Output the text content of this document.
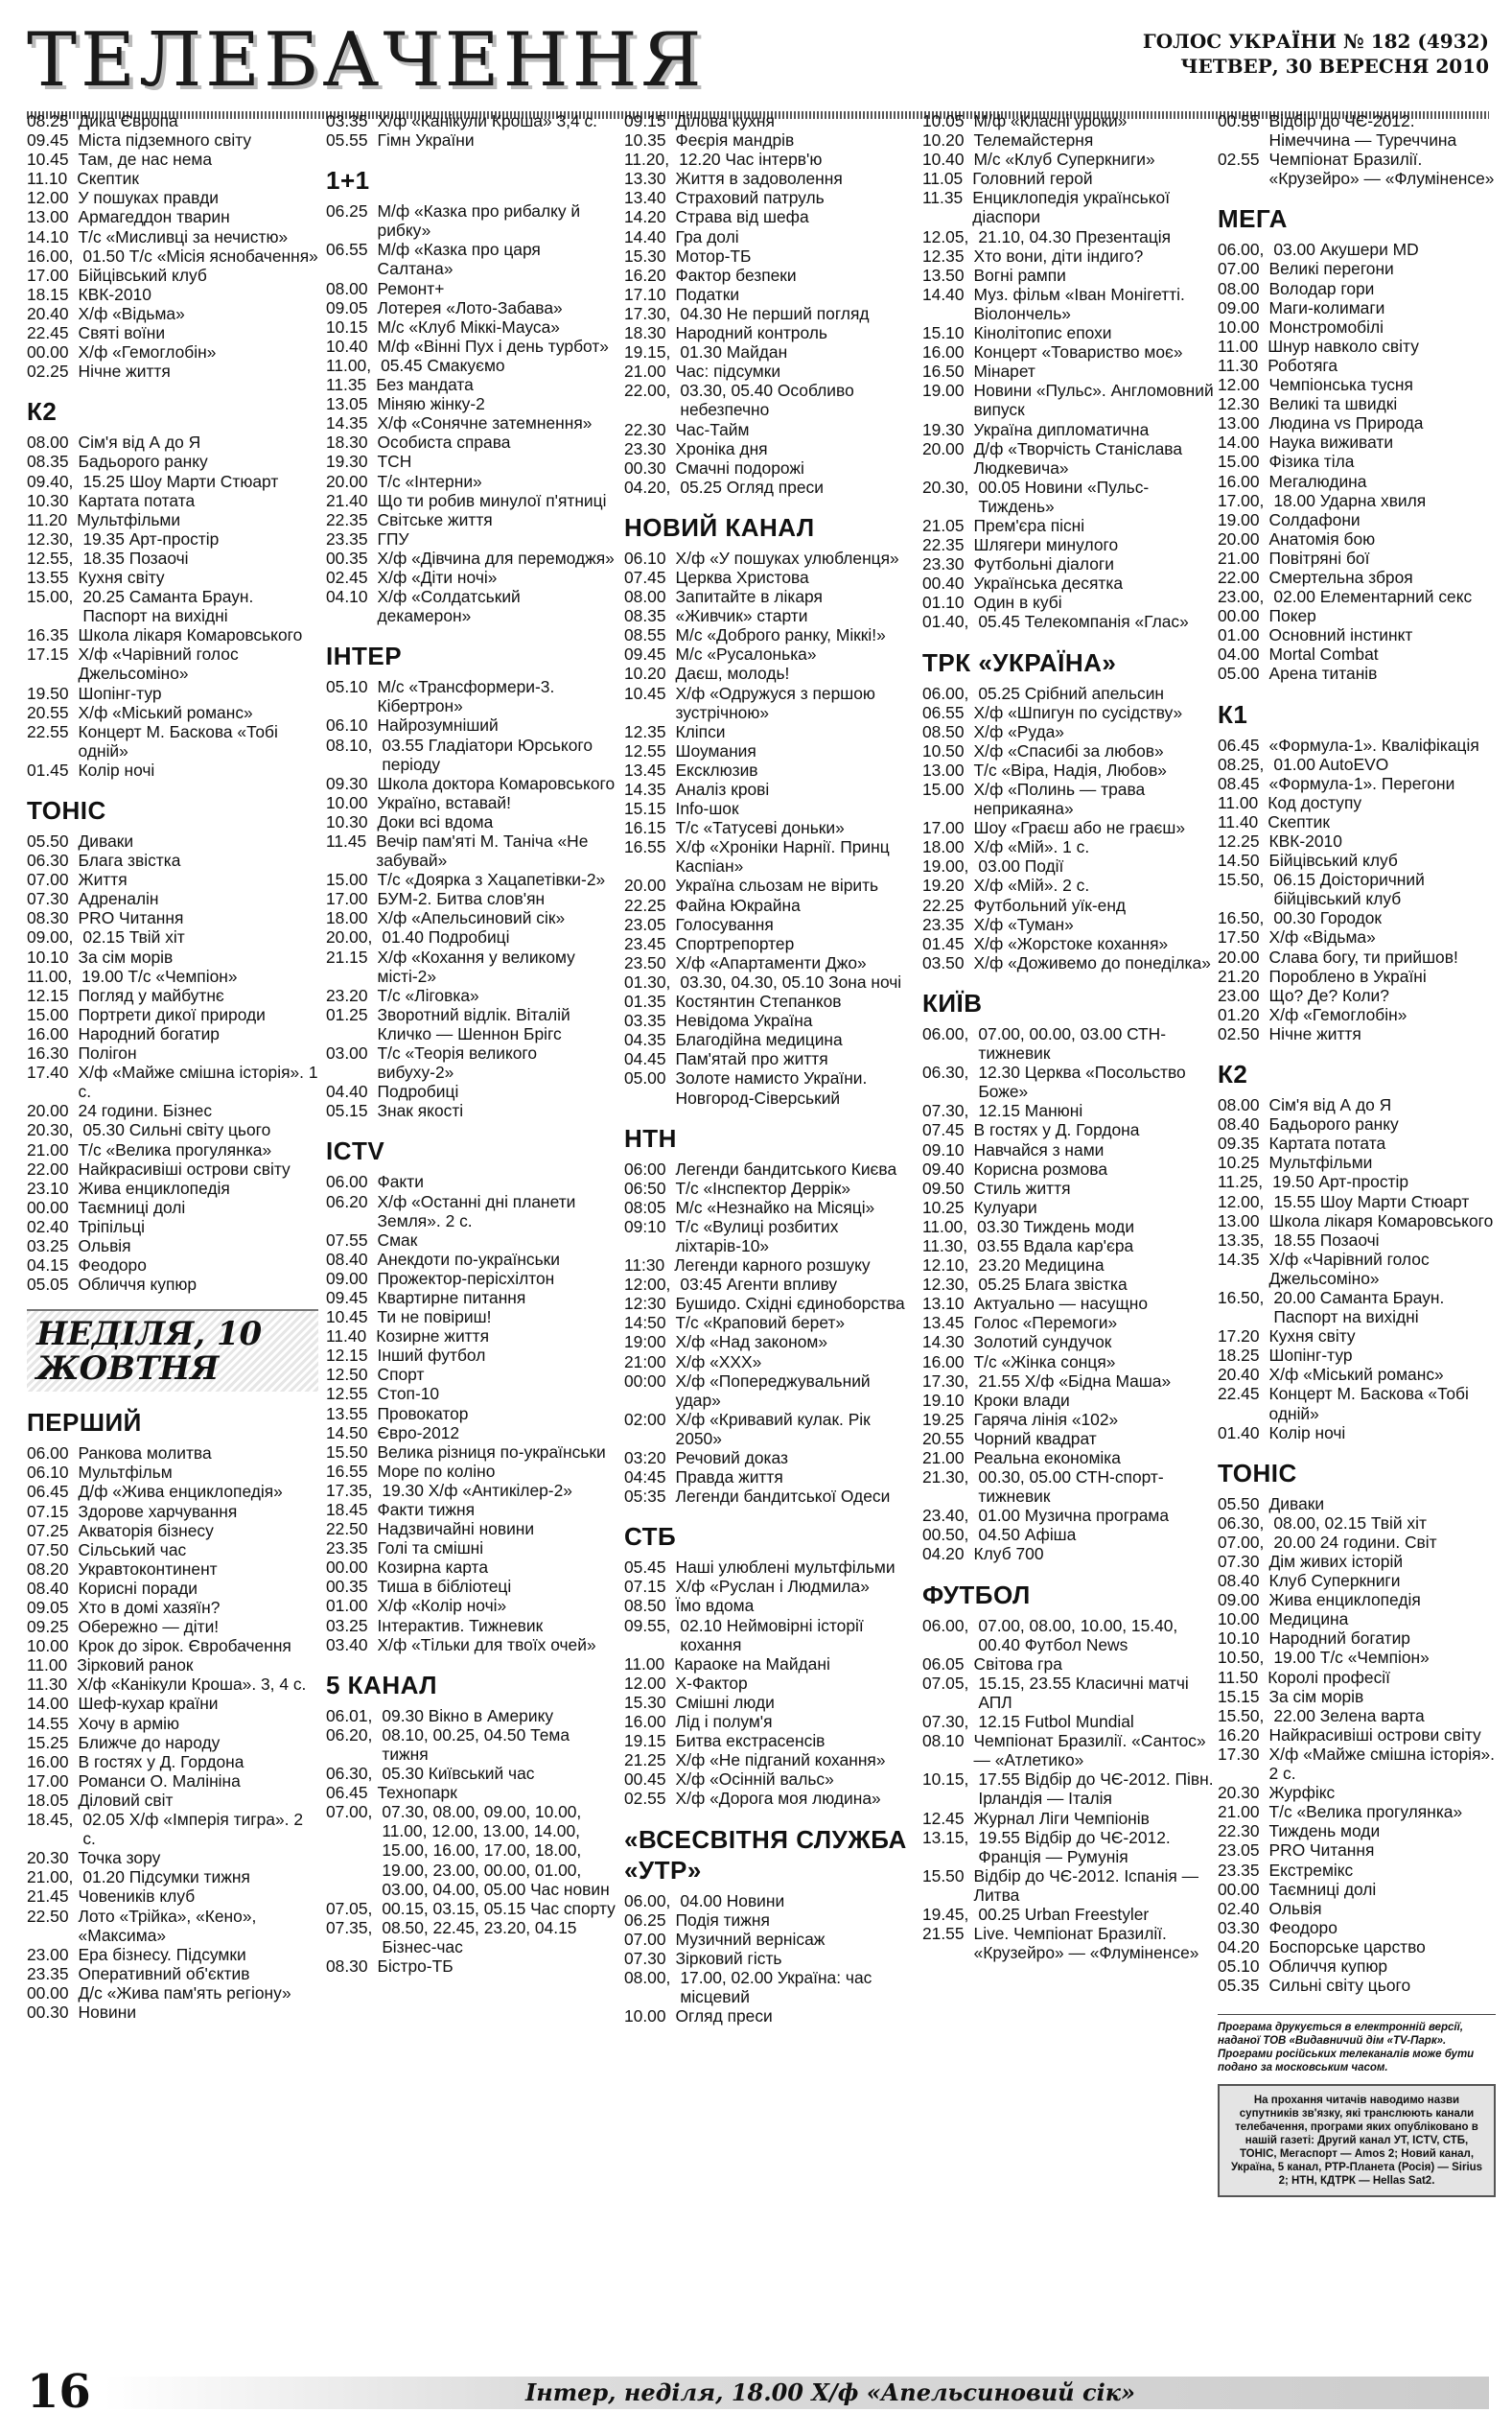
ТЕЛЕБАЧЕННЯ	ГОЛОС УКРАЇНИ № 182 (4932)
ЧЕТВЕР, 30 ВЕРЕСНЯ 2010
08.25 Дика Європа
09.45 Міста підземного світу
10.45 Там, де нас нема
11.10 Скептик
12.00 У пошуках правди
13.00 Армагеддон тварин
14.10 Т/с «Мисливці за нечистю»
16.00, 01.50 Т/с «Місія яснобачення»
17.00 Бійцівський клуб
18.15 КВК-2010
20.40 Х/ф «Відьма»
22.45 Святі воїни
00.00 Х/ф «Гемоглобін»
02.25 Нічне життя
К2
08.00 Сім'я від А до Я
08.35 Бадьорого ранку
09.40, 15.25 Шоу Марти Стюарт
10.30 Картата потата
11.20 Мультфільми
12.30, 19.35 Арт-простір
12.55, 18.35 Позаочі
13.55 Кухня світу
15.00, 20.25 Саманта Браун. Паспорт на вихідні
16.35 Школа лікаря Комаровського
17.15 Х/ф «Чарівний голос Джельсоміно»
19.50 Шопінг-тур
20.55 Х/ф «Міський романс»
22.55 Концерт М. Баскова «Тобі одній»
01.45 Колір ночі
ТОНІС
05.50 Диваки
06.30 Блага звістка
07.00 Життя
07.30 Адреналін
08.30 PRO Читання
09.00, 02.15 Твій хіт
10.10 За сім морів
11.00, 19.00 Т/с «Чемпіон»
12.15 Погляд у майбутнє
15.00 Портрети дикої природи
16.00 Народний богатир
16.30 Полігон
17.40 Х/ф «Майже смішна історія». 1 с.
20.00 24 години. Бізнес
20.30, 05.30 Сильні світу цього
21.00 Т/с «Велика прогулянка»
22.00 Найкрасивіші острови світу
23.10 Жива енциклопедія
00.00 Таємниці долі
02.40 Тріпільці
03.25 Ольвія
04.15 Феодоро
05.05 Обличчя купюр
НЕДІЛЯ, 10 ЖОВТНЯ
ПЕРШИЙ
06.00 Ранкова молитва
06.10 Мультфільм
06.45 Д/ф «Жива енциклопедія»
07.15 Здорове харчування
07.25 Акваторія бізнесу
07.50 Сільський час
08.20 Укравтоконтинент
08.40 Корисні поради
09.05 Хто в домі хазяїн?
09.25 Обережно — діти!
10.00 Крок до зірок. Євробачення
11.00 Зірковий ранок
11.30 Х/ф «Канікули Кроша». 3, 4 с.
14.00 Шеф-кухар країни
14.55 Хочу в армію
15.25 Ближче до народу
16.00 В гостях у Д. Гордона
17.00 Романси О. Малініна
18.05 Діловий світ
18.45, 02.05 Х/ф «Імперія тигра». 2 с.
20.30 Точка зору
21.00, 01.20 Підсумки тижня
21.45 Човеників клуб
22.50 Лото «Трійка», «Кено», «Максима»
23.00 Ера бізнесу. Підсумки
23.35 Оперативний об'єктив
00.00 Д/с «Жива пам'ять регіону»
00.30 Новини
03.35 Х/ф «Канікули Кроша» 3,4 с.
05.55 Гімн України
1+1
06.25 М/ф «Казка про рибалку й рибку»
06.55 М/ф «Казка про царя Салтана»
08.00 Ремонт+
09.05 Лотерея «Лото-Забава»
10.15 М/с «Клуб Міккі-Мауса»
10.40 М/ф «Вінні Пух і день турбот»
11.00, 05.45 Смакуємо
11.35 Без мандата
13.05 Міняю жінку-2
14.35 Х/ф «Сонячне затемнення»
18.30 Особиста справа
19.30 ТСН
20.00 Т/с «Інтерни»
21.40 Що ти робив минулої п'ятниці
22.35 Світське життя
23.35 ГПУ
00.35 Х/ф «Дівчина для перемоджя»
02.45 Х/ф «Діти ночі»
04.10 Х/ф «Солдатський декамерон»
ІНТЕР
05.10 М/с «Трансформери-3. Кібертрон»
06.10 Найрозумніший
08.10, 03.55 Гладіатори Юрського періоду
09.30 Школа доктора Комаровського
10.00 Україно, вставай!
10.30 Доки всі вдома
11.45 Вечір пам'яті М. Таніча «Не забувай»
15.00 Т/с «Доярка з Хацапетівки-2»
17.00 БУМ-2. Битва слов'ян
18.00 Х/ф «Апельсиновий сік»
20.00, 01.40 Подробиці
21.15 Х/ф «Кохання у великому місті-2»
23.20 Т/с «Ліговка»
01.25 Зворотний відлік. Віталій Кличко — Шеннон Брігс
03.00 Т/с «Теорія великого вибуху-2»
04.40 Подробиці
05.15 Знак якості
ICTV
06.00 Факти
06.20 Х/ф «Останні дні планети Земля». 2 с.
07.55 Смак
08.40 Анекдоти по-українськи
09.00 Прожектор-перісхілтон
09.45 Квартирне питання
10.45 Ти не повіриш!
11.40 Козирне життя
12.15 Інший футбол
12.50 Спорт
12.55 Стоп-10
13.55 Провокатор
14.50 Євро-2012
15.50 Велика різниця по-українськи
16.55 Море по коліно
17.35, 19.30 Х/ф «Антикілер-2»
18.45 Факти тижня
22.50 Надзвичайні новини
23.35 Голі та смішні
00.00 Козирна карта
00.35 Тиша в бібліотеці
01.00 Х/ф «Колір ночі»
03.25 Інтерактив. Тижневик
03.40 Х/ф «Тільки для твоїх очей»
5 КАНАЛ
06.01, 09.30 Вікно в Америку
06.20, 08.10, 00.25, 04.50 Тема тижня
06.30, 05.30 Київський час
06.45 Технопарк
07.00, 07.30, 08.00, 09.00, 10.00, 11.00, 12.00, 13.00, 14.00, 15.00, 16.00, 17.00, 18.00, 19.00, 23.00, 00.00, 01.00, 03.00, 04.00, 05.00 Час новин
07.05, 00.15, 03.15, 05.15 Час спорту
07.35, 08.50, 22.45, 23.20, 04.15 Бізнес-час
08.30 Бістро-ТБ
09.15 Ділова кухня
10.35 Феєрія мандрів
11.20, 12.20 Час інтерв'ю
13.30 Життя в задоволення
13.40 Страховий патруль
14.20 Страва від шефа
14.40 Гра долі
15.30 Мотор-ТБ
16.20 Фактор безпеки
17.10 Податки
17.30, 04.30 Не перший погляд
18.30 Народний контроль
19.15, 01.30 Майдан
21.00 Час: підсумки
22.00, 03.30, 05.40 Особливо небезпечно
22.30 Час-Тайм
23.30 Хроніка дня
00.30 Смачні подорожі
04.20, 05.25 Огляд преси
НОВИЙ КАНАЛ
06.10 Х/ф «У пошуках улюбленця»
07.45 Церква Христова
08.00 Запитайте в лікаря
08.35 «Живчик» старти
08.55 М/с «Доброго ранку, Міккі!»
09.45 М/с «Русалонька»
10.20 Даєш, молодь!
10.45 Х/ф «Одружуся з першою зустрічною»
12.35 Кліпси
12.55 Шоумания
13.45 Ексклюзив
14.35 Аналіз крові
15.15 Info-шок
16.15 Т/с «Татусеві доньки»
16.55 Х/ф «Хроніки Нарнії. Принц Каспіан»
20.00 Україна сльозам не вірить
22.25 Файна Юкрайна
23.05 Голосування
23.45 Спортрепортер
23.50 Х/ф «Апартаменти Джо»
01.30, 03.30, 04.30, 05.10 Зона ночі
01.35 Костянтин Степанков
03.35 Невідома Україна
04.35 Благодійна медицина
04.45 Пам'ятай про життя
05.00 Золоте намисто України. Новгород-Сіверський
НТН
06:00 Легенди бандитського Києва
06:50 Т/с «Інспектор Деррік»
08:05 М/с «Незнайко на Місяці»
09:10 Т/с «Вулиці розбитих ліхтарів-10»
11:30 Легенди карного розшуку
12:00, 03:45 Агенти впливу
12:30 Бушидо. Східні єдиноборства
14:50 Т/с «Краповий берет»
19:00 Х/ф «Над законом»
21:00 Х/ф «ХХХ»
00:00 Х/ф «Попереджувальний удар»
02:00 Х/ф «Кривавий кулак. Рік 2050»
03:20 Речовий доказ
04:45 Правда життя
05:35 Легенди бандитської Одеси
СТБ
05.45 Наші улюблені мультфільми
07.15 Х/ф «Руслан і Людмила»
08.50 Їмо вдома
09.55, 02.10 Неймовірні історії кохання
11.00 Караоке на Майдані
12.00 Х-Фактор
15.30 Смішні люди
16.00 Лід і полум'я
19.15 Битва екстрасенсів
21.25 Х/ф «Не підганий кохання»
00.45 Х/ф «Осінній вальс»
02.55 Х/ф «Дорога моя людина»
«ВСЕСВІТНЯ СЛУЖБА «УТР»
06.00, 04.00 Новини
06.25 Подія тижня
07.00 Музичний вернісаж
07.30 Зірковий гість
08.00, 17.00, 02.00 Україна: час місцевий
10.00 Огляд преси
10.05 М/ф «Класні уроки»
10.20 Телемайстерня
10.40 М/с «Клуб Суперкниги»
11.05 Головний герой
11.35 Енциклопедія української діаспори
12.05, 21.10, 04.30 Презентація
12.35 Хто вони, діти індиго?
13.50 Вогні рампи
14.40 Муз. фільм «Іван Монігетті. Віолончель»
15.10 Кінолітопис епохи
16.00 Концерт «Товариство моє»
16.50 Мінарет
19.00 Новини «Пульс». Англомовний випуск
19.30 Україна дипломатична
20.00 Д/ф «Творчість Станіслава Людкевича»
20.30, 00.05 Новини «Пульс-Тиждень»
21.05 Прем'єра пісні
22.35 Шлягери минулого
23.30 Футбольні діалоги
00.40 Українська десятка
01.10 Один в кубі
01.40, 05.45 Телекомпанія «Глас»
ТРК «УКРАЇНА»
06.00, 05.25 Срібний апельсин
06.55 Х/ф «Шпигун по сусідству»
08.50 Х/ф «Руда»
10.50 Х/ф «Спасибі за любов»
13.00 Т/с «Віра, Надія, Любов»
15.00 Х/ф «Полинь — трава неприкаяна»
17.00 Шоу «Граєш або не граєш»
18.00 Х/ф «Мій». 1 с.
19.00, 03.00 Події
19.20 Х/ф «Мій». 2 с.
22.25 Футбольний уїк-енд
23.35 Х/ф «Туман»
01.45 Х/ф «Жорстоке кохання»
03.50 Х/ф «Доживемо до понеділка»
КИЇВ
06.00, 07.00, 00.00, 03.00 СТН-тижневик
06.30, 12.30 Церква «Посольство Боже»
07.30, 12.15 Манюні
07.45 В гостях у Д. Гордона
09.10 Навчайся з нами
09.40 Корисна розмова
09.50 Стиль життя
10.25 Кулуари
11.00, 03.30 Тиждень моди
11.30, 03.55 Вдала кар'єра
12.10, 23.20 Медицина
12.30, 05.25 Блага звістка
13.10 Актуально — насущно
13.45 Голос «Перемоги»
14.30 Золотий сундучок
16.00 Т/с «Жінка сонця»
17.30, 21.55 Х/ф «Бідна Маша»
19.10 Кроки влади
19.25 Гаряча лінія «102»
20.55 Чорний квадрат
21.00 Реальна економіка
21.30, 00.30, 05.00 СТН-спорт-тижневик
23.40, 01.00 Музична програма
00.50, 04.50 Афіша
04.20 Клуб 700
ФУТБОЛ
06.00, 07.00, 08.00, 10.00, 15.40, 00.40 Футбол News
06.05 Світова гра
07.05, 15.15, 23.55 Класичні матчі АПЛ
07.30, 12.15 Futbol Mundial
08.10 Чемпіонат Бразилії. «Сантос» — «Атлетико»
10.15, 17.55 Відбір до ЧЄ-2012. Півн. Ірландія — Італія
12.45 Журнал Ліги Чемпіонів
13.15, 19.55 Відбір до ЧЄ-2012. Франція — Румунія
15.50 Відбір до ЧЄ-2012. Іспанія — Литва
19.45, 00.25 Urban Freestyler
21.55 Live. Чемпіонат Бразилії. «Крузейро» — «Флуміненсе»
00.55 Відбір до ЧЄ-2012. Німеччина — Туреччина
02.55 Чемпіонат Бразилії. «Крузейро» — «Флуміненсе»
МЕГА
06.00, 03.00 Акушери MD
07.00 Великі перегони
08.00 Володар гори
09.00 Маги-колимаги
10.00 Монстромобілі
11.00 Шнур навколо світу
11.30 Роботяга
12.00 Чемпіонська тусня
12.30 Великі та швидкі
13.00 Людина vs Природа
14.00 Наука виживати
15.00 Фізика тіла
16.00 Мегалюдина
17.00, 18.00 Ударна хвиля
19.00 Солдафони
20.00 Анатомія бою
21.00 Повітряні бої
22.00 Смертельна зброя
23.00, 02.00 Елементарний секс
00.00 Покер
01.00 Основний інстинкт
04.00 Mortal Combat
05.00 Арена титанів
К1
06.45 «Формула-1». Кваліфікація
08.25, 01.00 AutoEVO
08.45 «Формула-1». Перегони
11.00 Код доступу
11.40 Скептик
12.25 КВК-2010
14.50 Бійцівський клуб
15.50, 06.15 Доісторичний бійцівський клуб
16.50, 00.30 Городок
17.50 Х/ф «Відьма»
20.00 Слава богу, ти прийшов!
21.20 Пороблено в Україні
23.00 Що? Де? Коли?
01.20 Х/ф «Гемоглобін»
02.50 Нічне життя
К2
08.00 Сім'я від А до Я
08.40 Бадьорого ранку
09.35 Картата потата
10.25 Мультфільми
11.25, 19.50 Арт-простір
12.00, 15.55 Шоу Марти Стюарт
13.00 Школа лікаря Комаровського
13.35, 18.55 Позаочі
14.35 Х/ф «Чарівний голос Джельсоміно»
16.50, 20.00 Саманта Браун. Паспорт на вихідні
17.20 Кухня світу
18.25 Шопінг-тур
20.40 Х/ф «Міський романс»
22.45 Концерт М. Баскова «Тобі одній»
01.40 Колір ночі
ТОНІС
05.50 Диваки
06.30, 08.00, 02.15 Твій хіт
07.00, 20.00 24 години. Світ
07.30 Дім живих історій
08.40 Клуб Суперкниги
09.00 Жива енциклопедія
10.00 Медицина
10.10 Народний богатир
10.50, 19.00 Т/с «Чемпіон»
11.50 Королі професії
15.15 За сім морів
15.50, 22.00 Зелена варта
16.20 Найкрасивіші острови світу
17.30 Х/ф «Майже смішна історія». 2 с.
20.30 Журфікс
21.00 Т/с «Велика прогулянка»
22.30 Тиждень моди
23.05 PRO Читання
23.35 Екстремікс
00.00 Таємниці долі
02.40 Ольвія
03.30 Феодоро
04.20 Боспорське царство
05.10 Обличчя купюр
05.35 Сильні світу цього
Програма друкується в електронній версії, наданої ТОВ «Видавничий дім «ТV-Парк». Програми російських телеканалів може бути подано за московським часом.
На прохання читачів наводимо назви супутників зв'язку, які транслюють канали телебачення, програми яких опубліковано в нашій газеті: Другий канал УТ, ICTV, СТБ, ТОНІС, Мегаспорт — Amos 2; Новий канал, Україна, 5 канал, РТР-Планета (Росія) — Sirius 2; НТН, КДТРК — Hellas Sat2.
16	Інтер, неділя, 18.00 Х/ф «Апельсиновий сік»
